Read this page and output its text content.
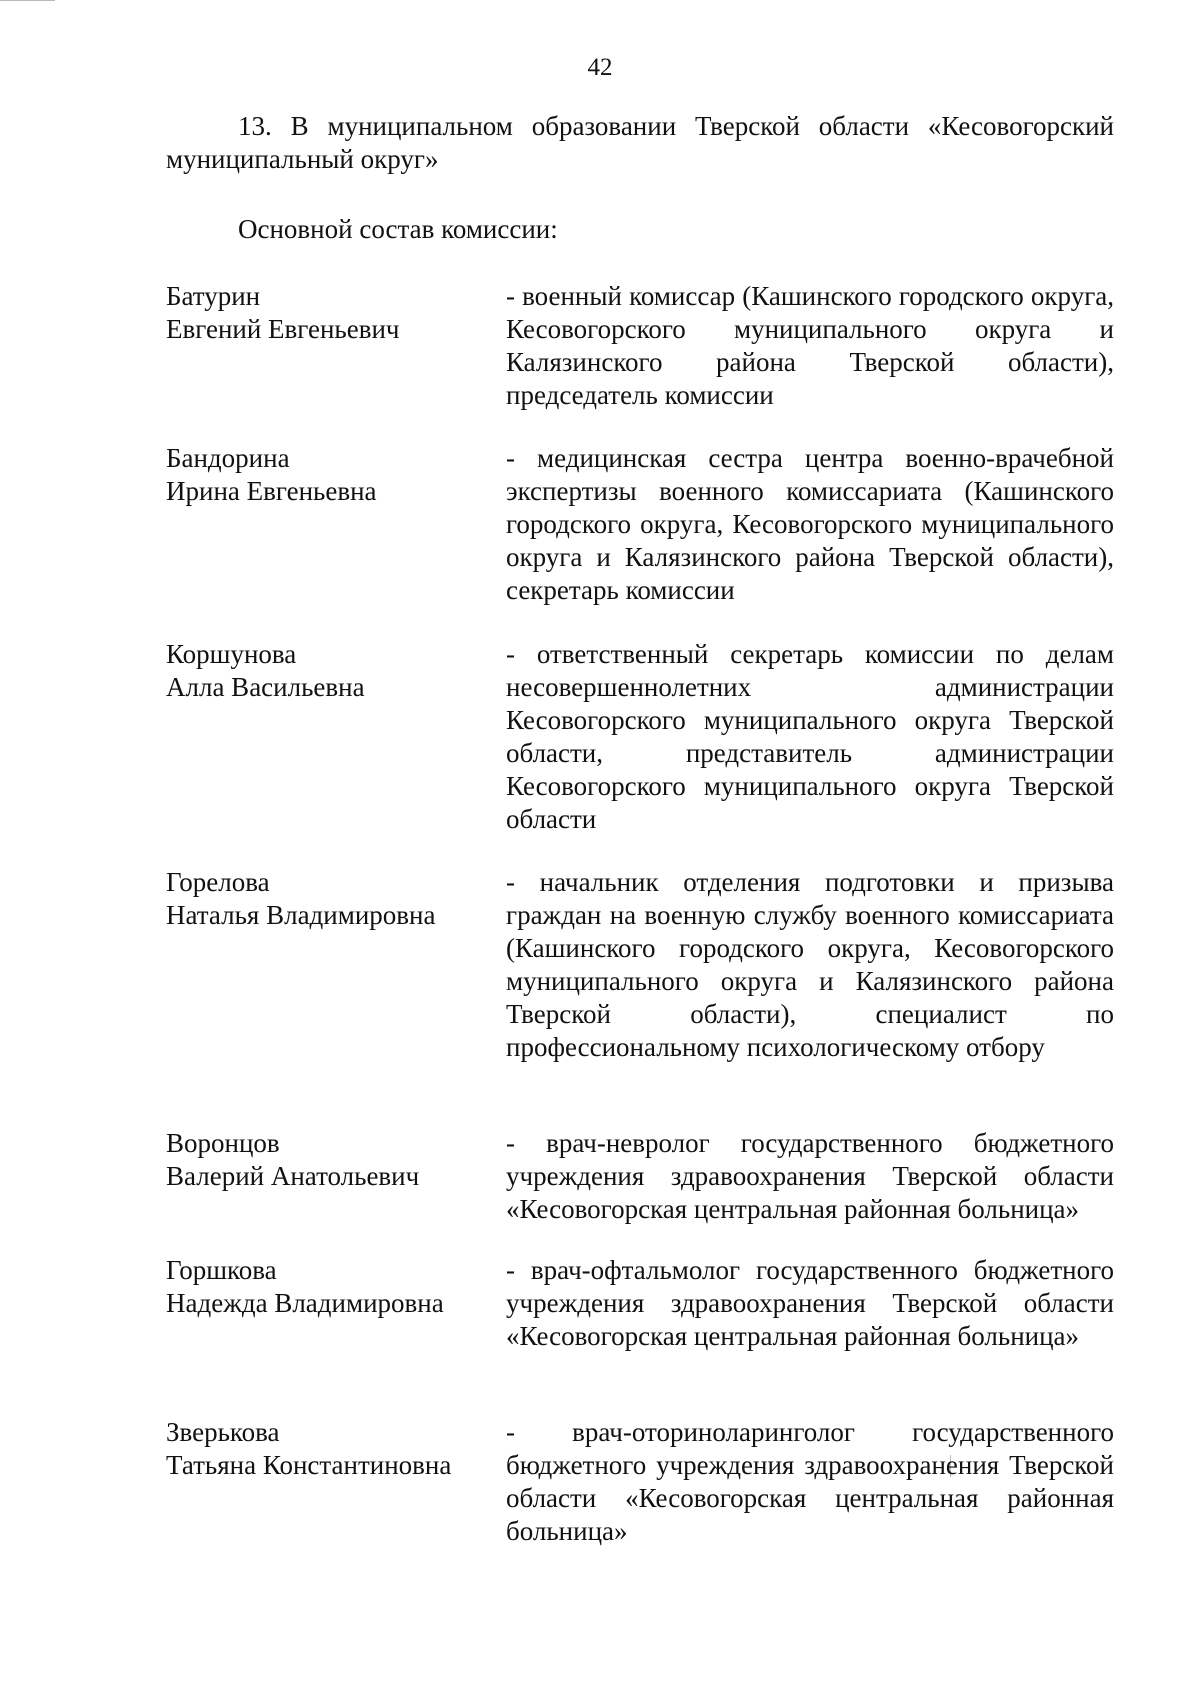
42
13. В муниципальном образовании Тверской области «Кесовогорский
муниципальный округ»
Основной состав комиссии:
Батурин
Евгений Евгеньевич
- военный комиссар (Кашинского городского округа, Кесовогорского муниципального округа и Калязинского района Тверской области), председатель комиссии
Бандорина
Ирина Евгеньевна
- медицинская сестра центра военно-врачебной экспертизы военного комиссариата (Кашинского городского округа, Кесовогорского муниципального округа и Калязинского района Тверской области), секретарь комиссии
Коршунова
Алла Васильевна
- ответственный секретарь комиссии по делам несовершеннолетних администрации Кесовогорского муниципального округа Тверской области, представитель администрации Кесовогорского муниципального округа Тверской области
Горелова
Наталья Владимировна
- начальник отделения подготовки и призыва граждан на военную службу военного комиссариата (Кашинского городского округа, Кесовогорского муниципального округа и Калязинского района Тверской области), специалист по профессиональному психологическому отбору
Воронцов
Валерий Анатольевич
- врач-невролог государственного бюджетного учреждения здравоохранения Тверской области «Кесовогорская центральная районная больница»
Горшкова
Надежда Владимировна
- врач-офтальмолог государственного бюджетного учреждения здравоохранения Тверской области «Кесовогорская центральная районная больница»
Зверькова
Татьяна Константиновна
- врач-оториноларинголог государственного бюджетного учреждения здравоохранения Тверской области «Кесовогорская центральная районная больница»
